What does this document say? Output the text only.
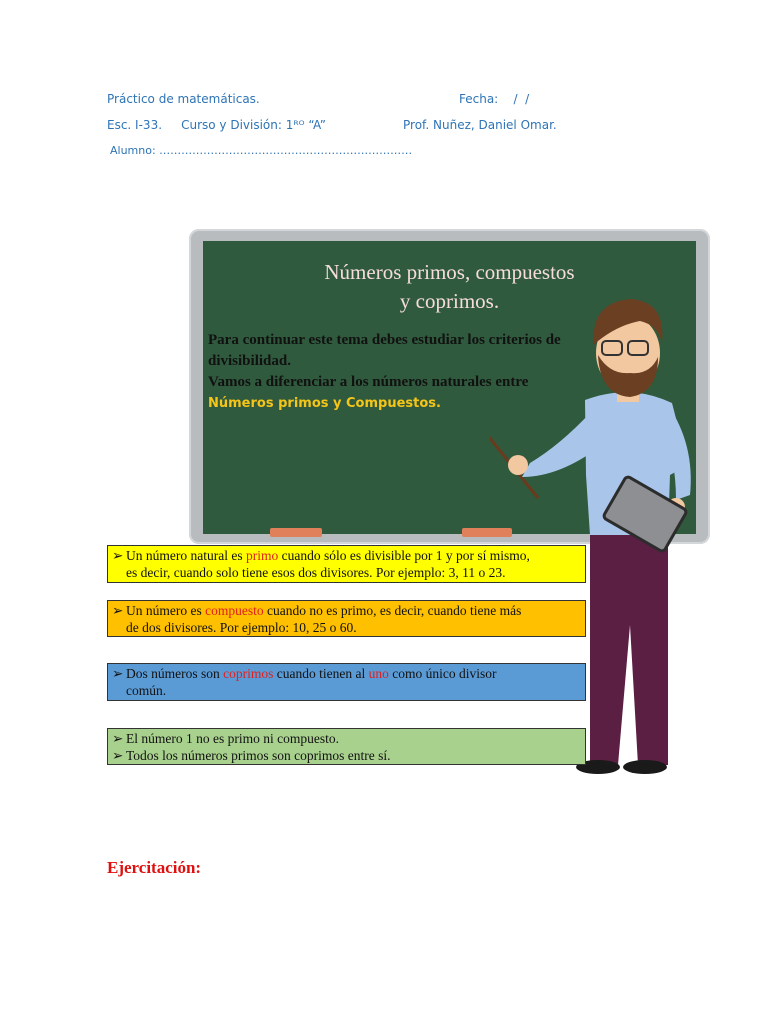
Práctico de matemáticas.	Fecha:    /  /
Esc. I-33.     Curso y División: 1ᴿᴼ “A”	Prof. Nuñez, Daniel Omar.
Alumno: ……………………………………………………………
Números primos, compuestos
y coprimos.
Para continuar este tema debes estudiar los criterios de divisibilidad.
Vamos a diferenciar a los números naturales entre
Números primos y Compuestos.
➢ Un número natural es primo cuando sólo es divisible por 1 y por sí mismo,
es decir, cuando solo tiene esos dos divisores. Por ejemplo: 3, 11 o 23.
➢ Un número es compuesto cuando no es primo, es decir, cuando tiene más
de dos divisores. Por ejemplo: 10, 25 o 60.
➢ Dos números son coprimos cuando tienen al uno como único divisor
común.
➢ El número 1 no es primo ni compuesto.
➢ Todos los números primos son coprimos entre sí.
Ejercitación:
